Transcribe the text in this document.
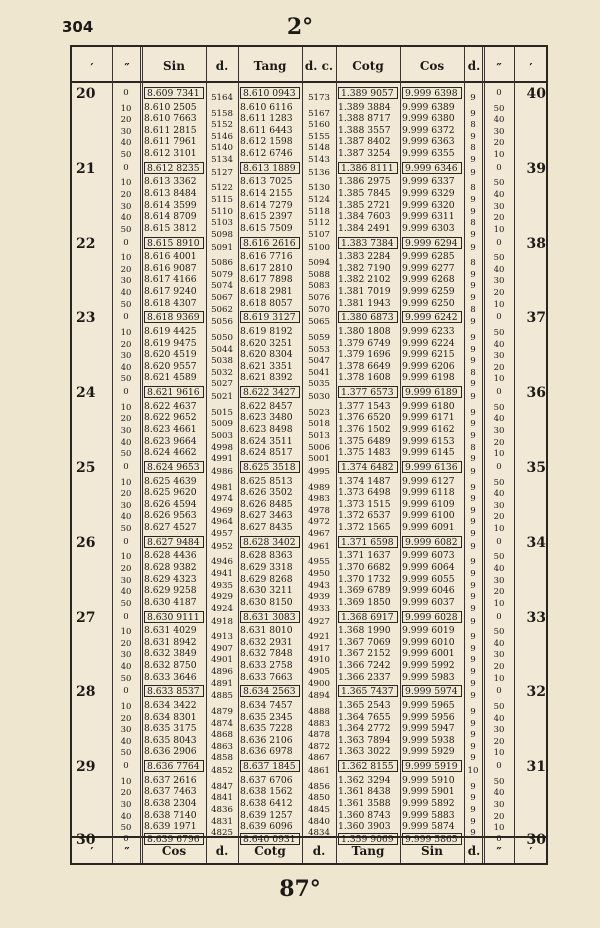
304	2°
′	″	Sin	d.	Tang	d. c.	Cotg	Cos	d.	″	′
20	40
0	0
8.609 7341	8.610 0943	1.389 9057	9.999 6398
5164	5173	9
10	50
8.610 2505	8.610 6116	1.389 3884 9.999 6389
5158	5167	9
20	40
8.610 7663	8.611 1283	1.388 8717 9.999 6380
5152	5160	8
30	30
8.611 2815	8.611 6443	1.388 3557 9.999 6372
5146	5155	9
40	20
8.611 7961	8.612 1598	1.387 8402 9.999 6363
5140	5148	8
50	10
8.612 3101	8.612 6746	1.387 3254 9.999 6355
5134	5143	9
21	39
0	0
8.612 8235	8.613 1889	1.386 8111	9.999 6346
5127	5136	9
10	50
8.613 3362	8.613 7025	1.386 2975 9.999 6337
5122	5130	8
20	40
8.613 8484	8.614 2155	1.385 7845 9.999 6329
5115	5124	9
30	30
8.614 3599	8.614 7279	1.385 2721 9.999 6320
5110	5118	9
40	20
8.614 8709	8.615 2397	1.384 7603 9.999 6311
5103	5112	8
50	10
8.615 3812	8.615 7509	1.384 2491 9.999 6303
5098	5107	9
22	38
0	0
8.615 8910	8.616 2616	1.383 7384	9.999 6294
5091	5100	9
10	50
8.616 4001	8.616 7716	1.383 2284 9.999 6285
5086	5094	8
20	40
8.616 9087	8.617 2810	1.382 7190 9.999 6277
5079	5088	9
30	30
8.617 4166	8.617 7898	1.382 2102 9.999 6268
5074	5083	9
40	20
8.617 9240	8.618 2981	1.381 7019 9.999 6259
5067	5076	9
50	10
8.618 4307	8.618 8057	1.381 1943 9.999 6250
5062	5070	8
23	37
0	0
8.618 9369	8.619 3127	1.380 6873	9.999 6242
5056	5065	9
10	50
8.619 4425	8.619 8192	1.380 1808 9.999 6233
5050	5059	9
20	40
8.619 9475	8.620 3251	1.379 6749 9.999 6224
5044	5053	9
30	30
8.620 4519	8.620 8304	1.379 1696 9.999 6215
5038	5047	9
40	20
8.620 9557	8.621 3351	1.378 6649 9.999 6206
5032	5041	8
50	10
8.621 4589	8.621 8392	1.378 1608 9.999 6198
5027	5035	9
24	36
0	0
8.621 9616	8.622 3427	1.377 6573	9.999 6189
5021	5030	9
10	50
8.622 4637	8.622 8457	1.377 1543 9.999 6180
5015	5023	9
20	40
8.622 9652	8.623 3480	1.376 6520 9.999 6171
5009	5018	9
30	30
8.623 4661	8.623 8498	1.376 1502 9.999 6162
5003	5013	9
40	20
8.623 9664	8.624 3511	1.375 6489 9.999 6153
4998	5006	8
50	10
8.624 4662	8.624 8517	1.375 1483 9.999 6145
4991	5001	9
25	35
0	0
8.624 9653	8.625 3518	1.374 6482	9.999 6136
4986	4995	9
10	50
8.625 4639	8.625 8513	1.374 1487 9.999 6127
4981	4989	9
20	40
8.625 9620	8.626 3502	1.373 6498 9.999 6118
4974	4983	9
30	30
8.626 4594	8.626 8485	1.373 1515 9.999 6109
4969	4978	9
40	20
8.626 9563	8.627 3463	1.372 6537 9.999 6100
4964	4972	9
50	10
8.627 4527	8.627 8435	1.372 1565 9.999 6091
4957	4967	9
26	34
0	0
8.627 9484	8.628 3402	1.371 6598	9.999 6082
4952	4961	9
10	50
8.628 4436	8.628 8363	1.371 1637 9.999 6073
4946	4955	9
20	40
8.628 9382	8.629 3318	1.370 6682 9.999 6064
4941	4950	9
30	30
8.629 4323	8.629 8268	1.370 1732 9.999 6055
4935	4943	9
40	20
8.629 9258	8.630 3211	1.369 6789 9.999 6046
4929	4939	9
50	10
8.630 4187	8.630 8150	1.369 1850 9.999 6037
4924	4933	9
27	33
0	0
8.630 9111	8.631 3083	1.368 6917	9.999 6028
4918	4927	9
10	50
8.631 4029	8.631 8010	1.368 1990 9.999 6019
4913	4921	9
20	40
8.631 8942	8.632 2931	1.367 7069 9.999 6010
4907	4917	9
30	30
8.632 3849	8.632 7848	1.367 2152 9.999 6001
4901	4910	9
40	20
8.632 8750	8.633 2758	1.366 7242 9.999 5992
4896	4905	9
50	10
8.633 3646	8.633 7663	1.366 2337 9.999 5983
4891	4900	9
28	32
0	0
8.633 8537	8.634 2563	1.365 7437	9.999 5974
4885	4894	9
10	50
8.634 3422	8.634 7457	1.365 2543 9.999 5965
4879	4888	9
20	40
8.634 8301	8.635 2345	1.364 7655 9.999 5956
4874	4883	9
30	30
8.635 3175	8.635 7228	1.364 2772 9.999 5947
4868	4878	9
40	20
8.635 8043	8.636 2106	1.363 7894 9.999 5938
4863	4872	9
50	10
8.636 2906	8.636 6978	1.363 3022 9.999 5929
4858	4867	9
29	31
0	0
8.636 7764	8.637 1845	1.362 8155	9.999 5919
4852	4861	10
10	50
8.637 2616	8.637 6706	1.362 3294 9.999 5910
4847	4856	9
20	40
8.637 7463	8.638 1562	1.361 8438 9.999 5901
4841	4850	9
30	30
8.638 2304	8.638 6412	1.361 3588 9.999 5892
4836	4845	9
40	20
8.638 7140	8.639 1257	1.360 8743 9.999 5883
4831	4840	9
50	10
8.639 1971	8.639 6096	1.360 3903 9.999 5874
4825	4834	9
30	30
0	0
8.639 6796	8.640 0931	1.359 9069	9.999 5865
′	″	Cos	d.	Cotg	d.	Tang	Sin	d.	″	′
87°
